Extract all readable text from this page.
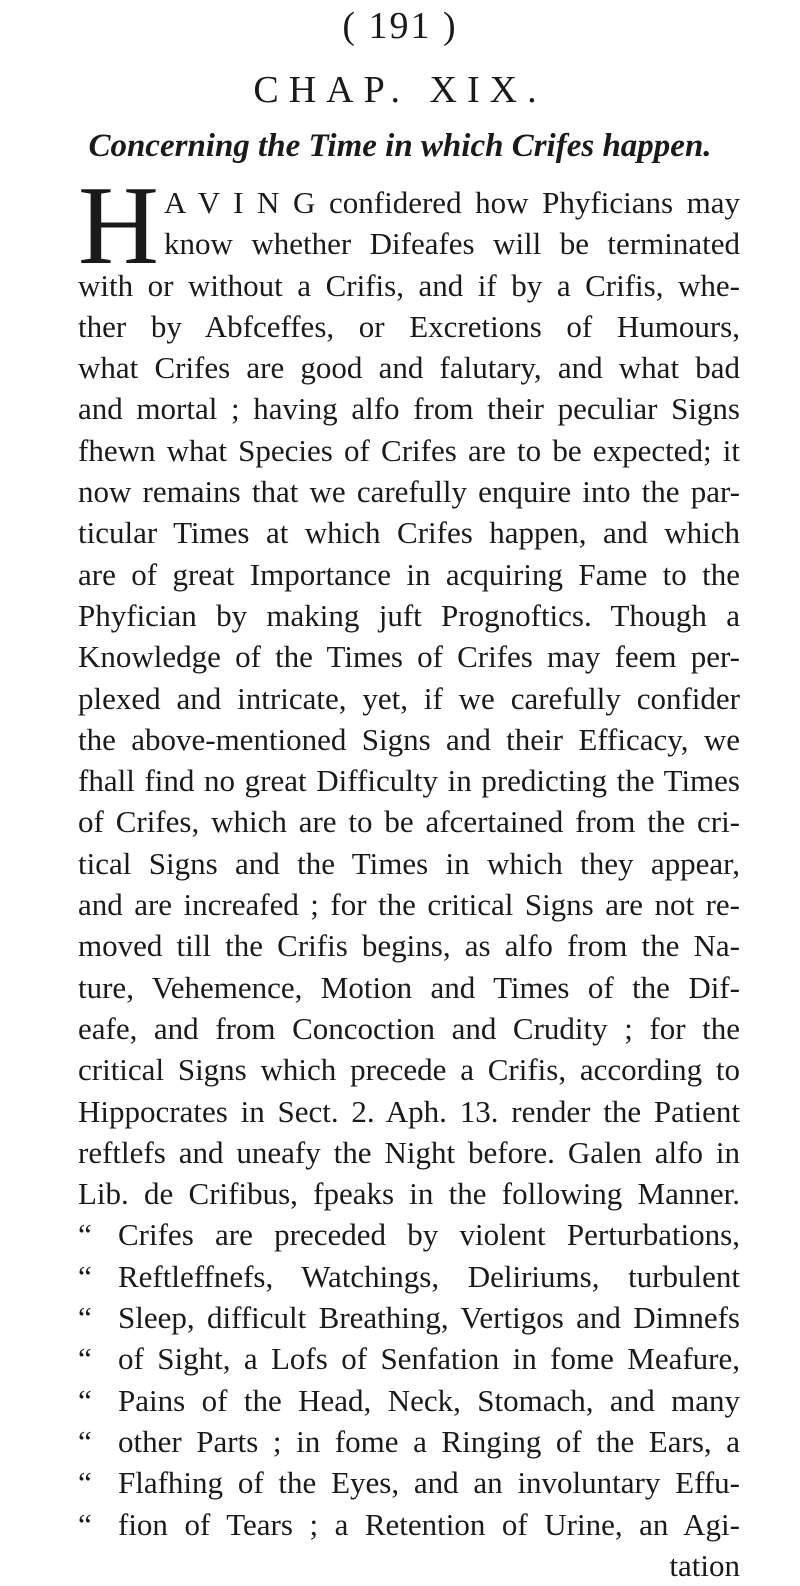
( 191 )
CHAP. XIX.
Concerning the Time in which Crifes happen.
H A V I N G confidered how Phyficians may
know whether Difeafes will be terminated
with or without a Crifis, and if by a Crifis, whe-
ther by Abfceffes, or Excretions of Humours,
what Crifes are good and falutary, and what bad
and mortal ; having alfo from their peculiar Signs
fhewn what Species of Crifes are to be expected; it
now remains that we carefully enquire into the par-
ticular Times at which Crifes happen, and which
are of great Importance in acquiring Fame to the
Phyfician by making juft Prognoftics. Though a
Knowledge of the Times of Crifes may feem per-
plexed and intricate, yet, if we carefully confider
the above-mentioned Signs and their Efficacy, we
fhall find no great Difficulty in predicting the Times
of Crifes, which are to be afcertained from the cri-
tical Signs and the Times in which they appear,
and are increafed ; for the critical Signs are not re-
moved till the Crifis begins, as alfo from the Na-
ture, Vehemence, Motion and Times of the Dif-
eafe, and from Concoction and Crudity ; for the
critical Signs which precede a Crifis, according to
Hippocrates in Sect. 2. Aph. 13. render the Patient
reftlefs and uneafy the Night before. Galen alfo in
Lib. de Crifibus, fpeaks in the following Manner.
“ Crifes are preceded by violent Perturbations,
“ Reftleffnefs, Watchings, Deliriums, turbulent
“ Sleep, difficult Breathing, Vertigos and Dimnefs
“ of Sight, a Lofs of Senfation in fome Meafure,
“ Pains of the Head, Neck, Stomach, and many
“ other Parts ; in fome a Ringing of the Ears, a
“ Flafhing of the Eyes, and an involuntary Effu-
“ fion of Tears ; a Retention of Urine, an Agi-
tation
